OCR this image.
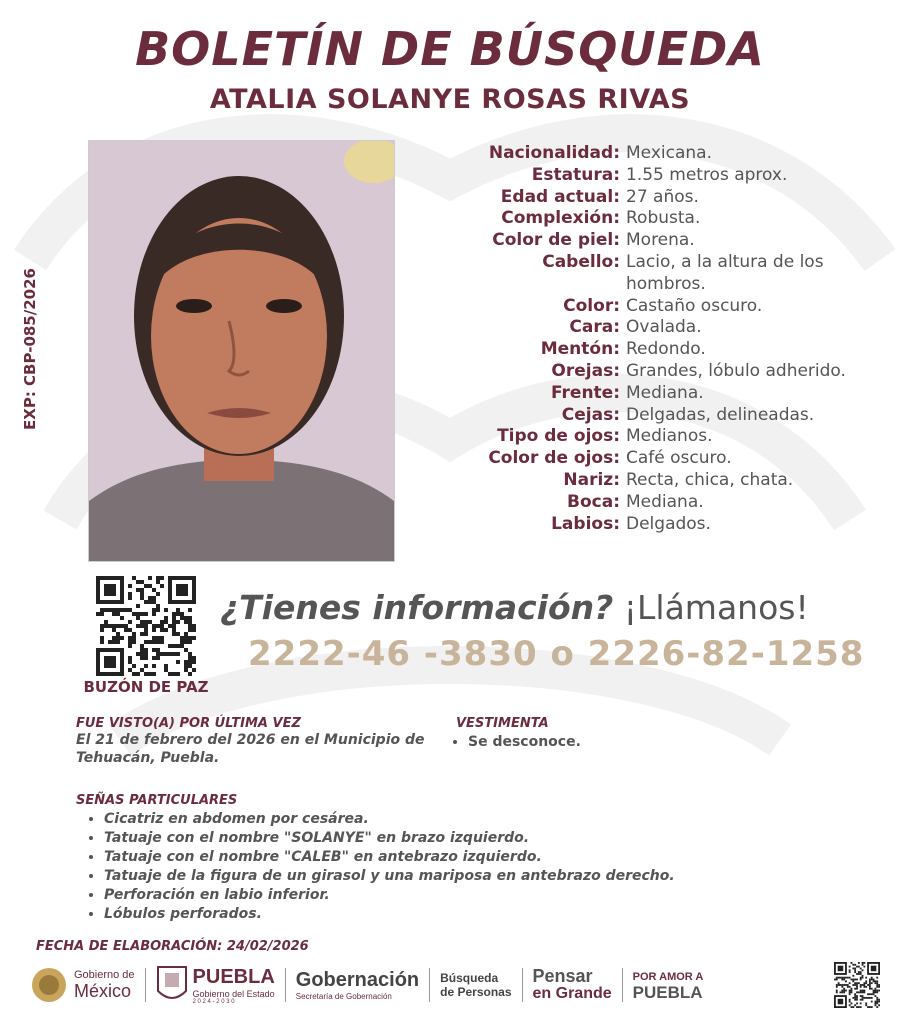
BOLETÍN DE BÚSQUEDA
ATALIA SOLANYE ROSAS RIVAS
EXP: CBP-085/2026
Nacionalidad: Mexicana.
Estatura: 1.55 metros aprox.
Edad actual: 27 años.
Complexión: Robusta.
Color de piel: Morena.
Cabello: Lacio, a la altura de los hombros.
Color: Castaño oscuro.
Cara: Ovalada.
Mentón: Redondo.
Orejas: Grandes, lóbulo adherido.
Frente: Mediana.
Cejas: Delgadas, delineadas.
Tipo de ojos: Medianos.
Color de ojos: Café oscuro.
Nariz: Recta, chica, chata.
Boca: Mediana.
Labios: Delgados.
BUZÓN DE PAZ
¿Tienes información? ¡Llámanos!
2222-46 -3830 o 2226-82-1258
FUE VISTO(A) POR ÚLTIMA VEZ
El 21 de febrero del 2026 en el Municipio de Tehuacán, Puebla.
VESTIMENTA
• Se desconoce.
SEÑAS PARTICULARES
• Cicatriz en abdomen por cesárea.
• Tatuaje con el nombre "SOLANYE" en brazo izquierdo.
• Tatuaje con el nombre "CALEB" en antebrazo izquierdo.
• Tatuaje de la figura de un girasol y una mariposa en antebrazo derecho.
• Perforación en labio inferior.
• Lóbulos perforados.
FECHA DE ELABORACIÓN: 24/02/2026
Gobierno de
México
PUEBLA
Gobierno del Estado
2 0 2 4 - 2 0 3 0
Gobernación
Secretaría de Gobernación
Búsqueda
de Personas
Pensar
en Grande
POR AMOR A
PUEBLA
